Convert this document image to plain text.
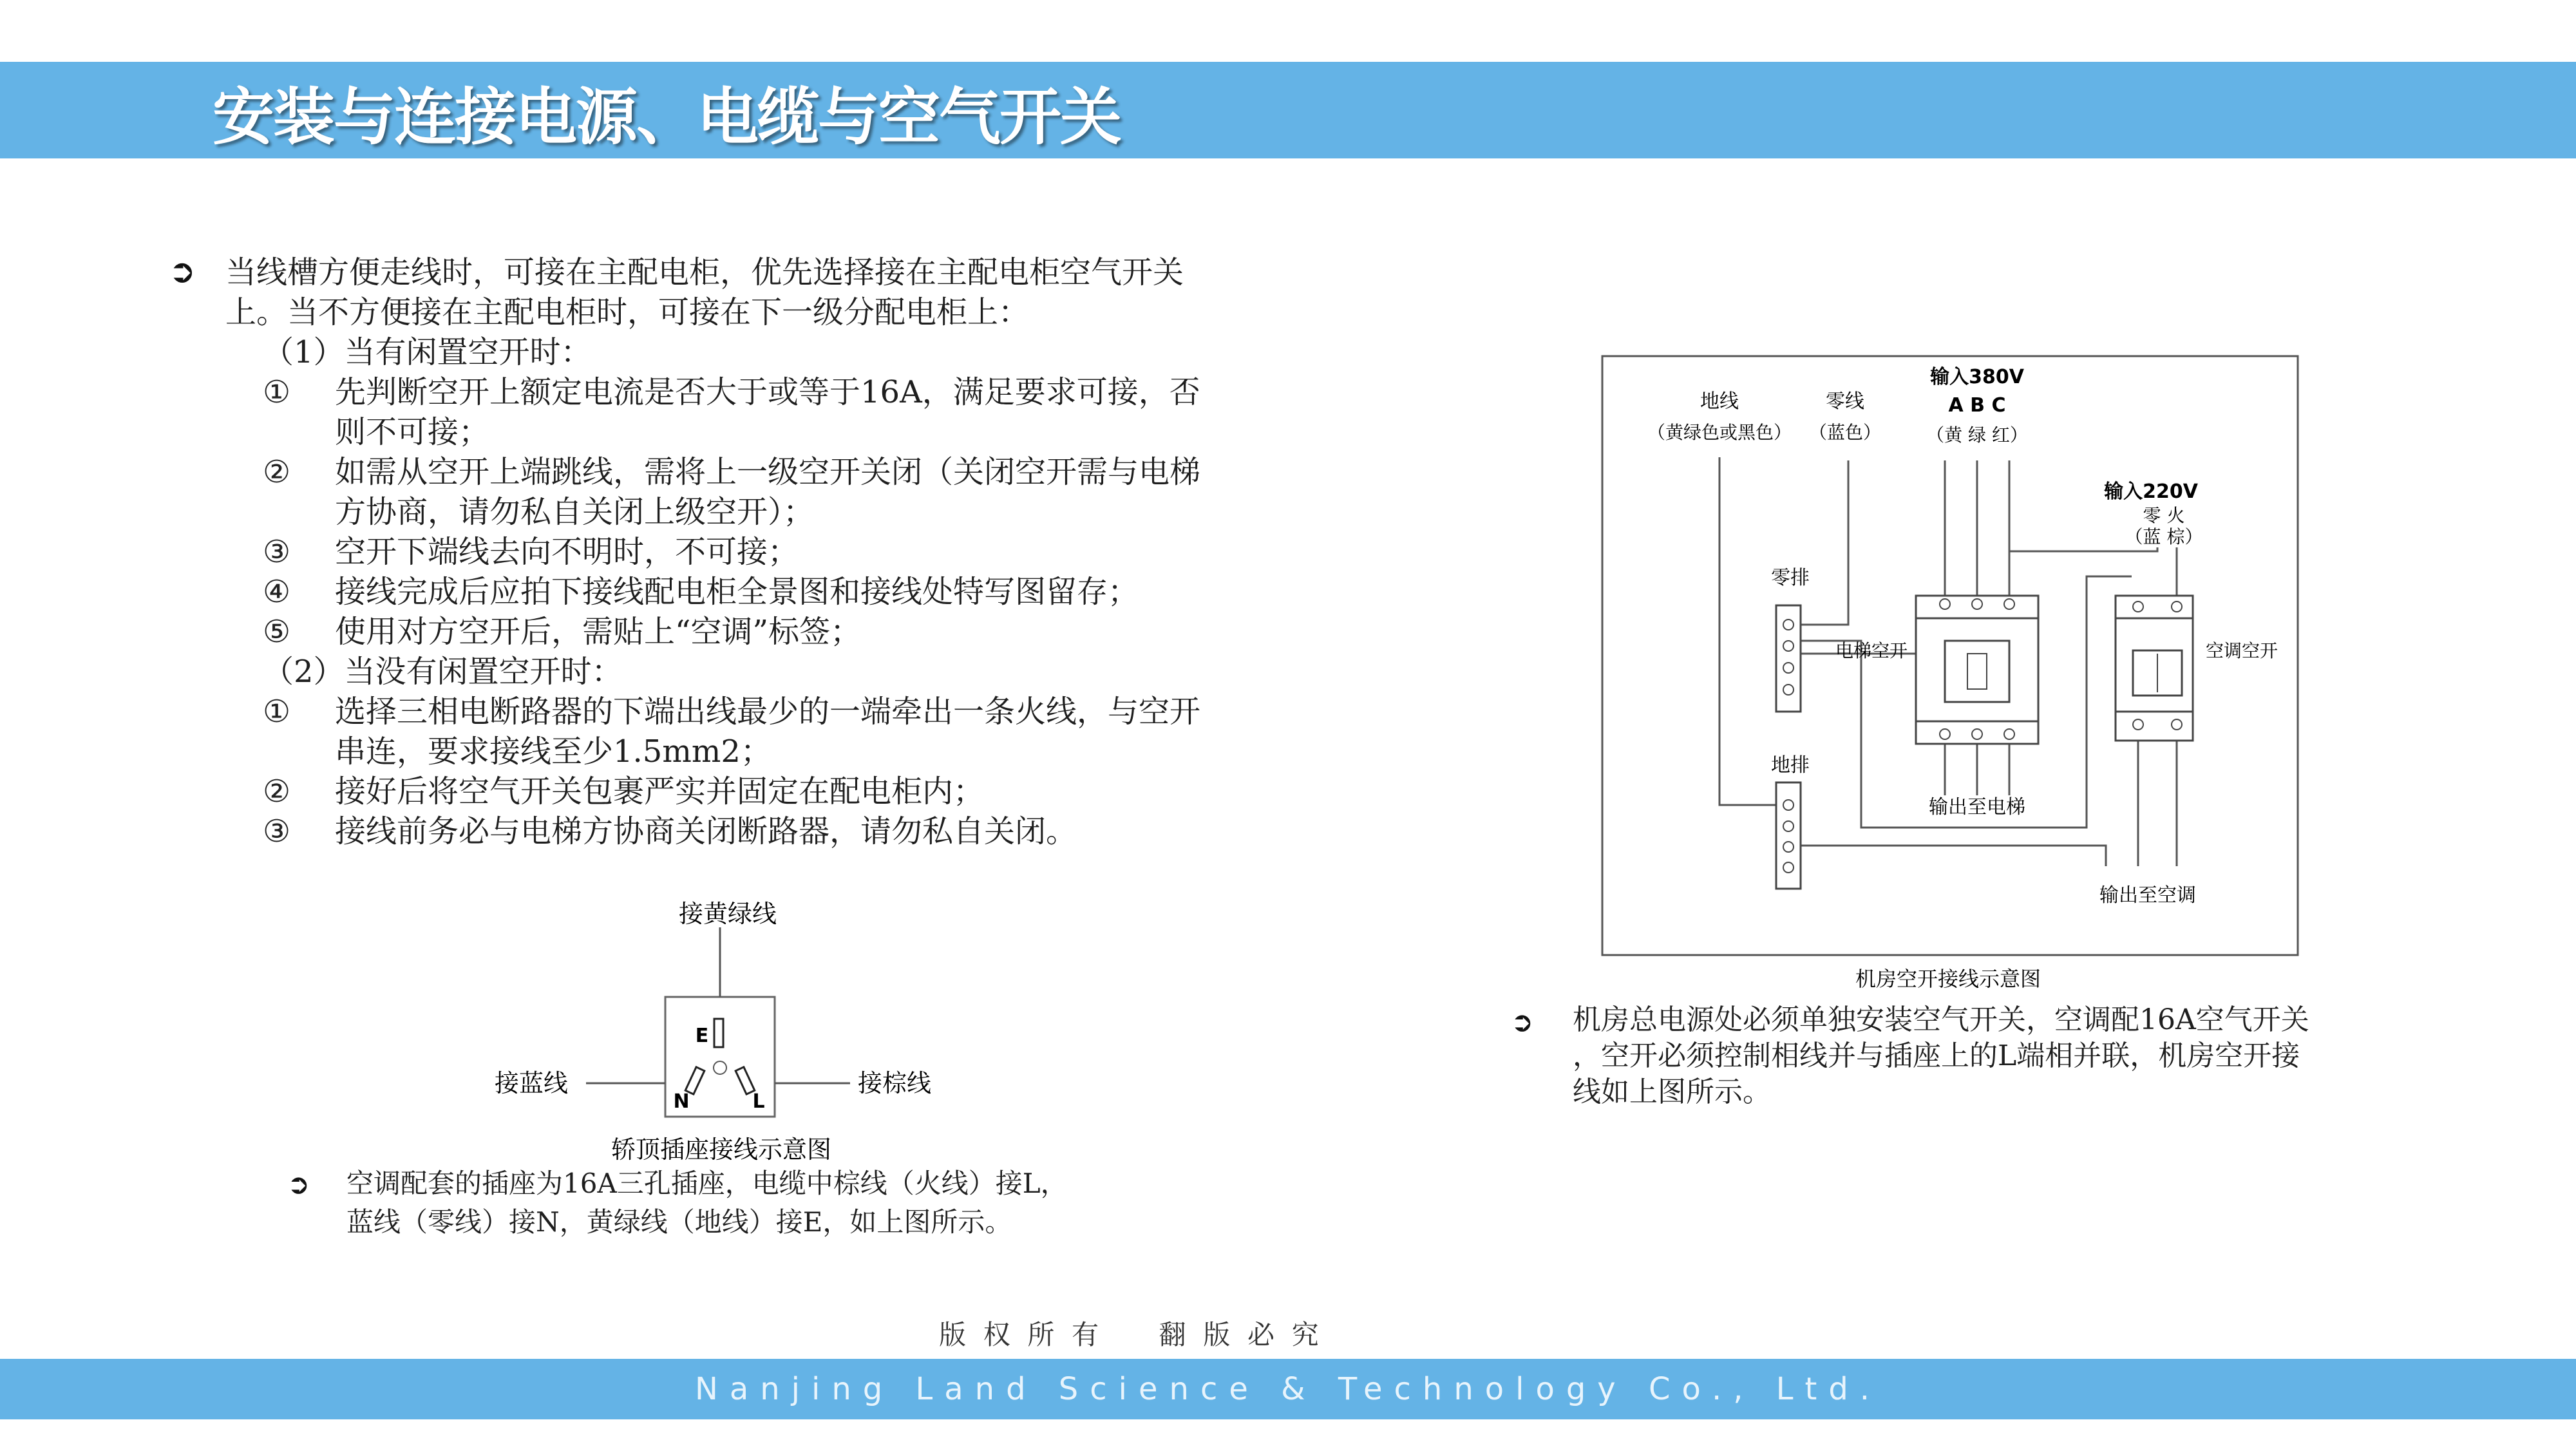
安装与连接电源、电缆与空气开关
➲ 当线槽方便走线时，可接在主配电柜，优先选择接在主配电柜空气开关
上。当不方便接在主配电柜时，可接在下一级分配电柜上：
（1）当有闲置空开时：
① 先判断空开上额定电流是否大于或等于16A，满足要求可接，否
则不可接；
② 如需从空开上端跳线，需将上一级空开关闭（关闭空开需与电梯
方协商，请勿私自关闭上级空开）；
③ 空开下端线去向不明时，不可接；
④ 接线完成后应拍下接线配电柜全景图和接线处特写图留存；
⑤ 使用对方空开后，需贴上“空调”标签；
（2）当没有闲置空开时：
① 选择三相电断路器的下端出线最少的一端牵出一条火线，与空开
串连，要求接线至少1.5mm2；
② 接好后将空气开关包裹严实并固定在配电柜内；
③ 接线前务必与电梯方协商关闭断路器，请勿私自关闭。
E
N	L
接黄绿线
接蓝线	接棕线
轿顶插座接线示意图
➲ 空调配套的插座为16A三孔插座，电缆中棕线（火线）接L，
蓝线（零线）接N，黄绿线（地线）接E，如上图所示。
地线
（黄绿色或黑色）
零线
（蓝色）
输入380V
A B C
（黄 绿 红）
输入220V
零 火
（蓝 棕）
零排
电梯空开	空调空开
地排
输出至电梯
输出至空调
机房空开接线示意图
➲ 机房总电源处必须单独安装空气开关，空调配16A空气开关
，空开必须控制相线并与插座上的L端相并联，机房空开接
线如上图所示。
版  权  所  有       翻  版  必  究
Nanjing Land Science & Technology Co., Ltd.
